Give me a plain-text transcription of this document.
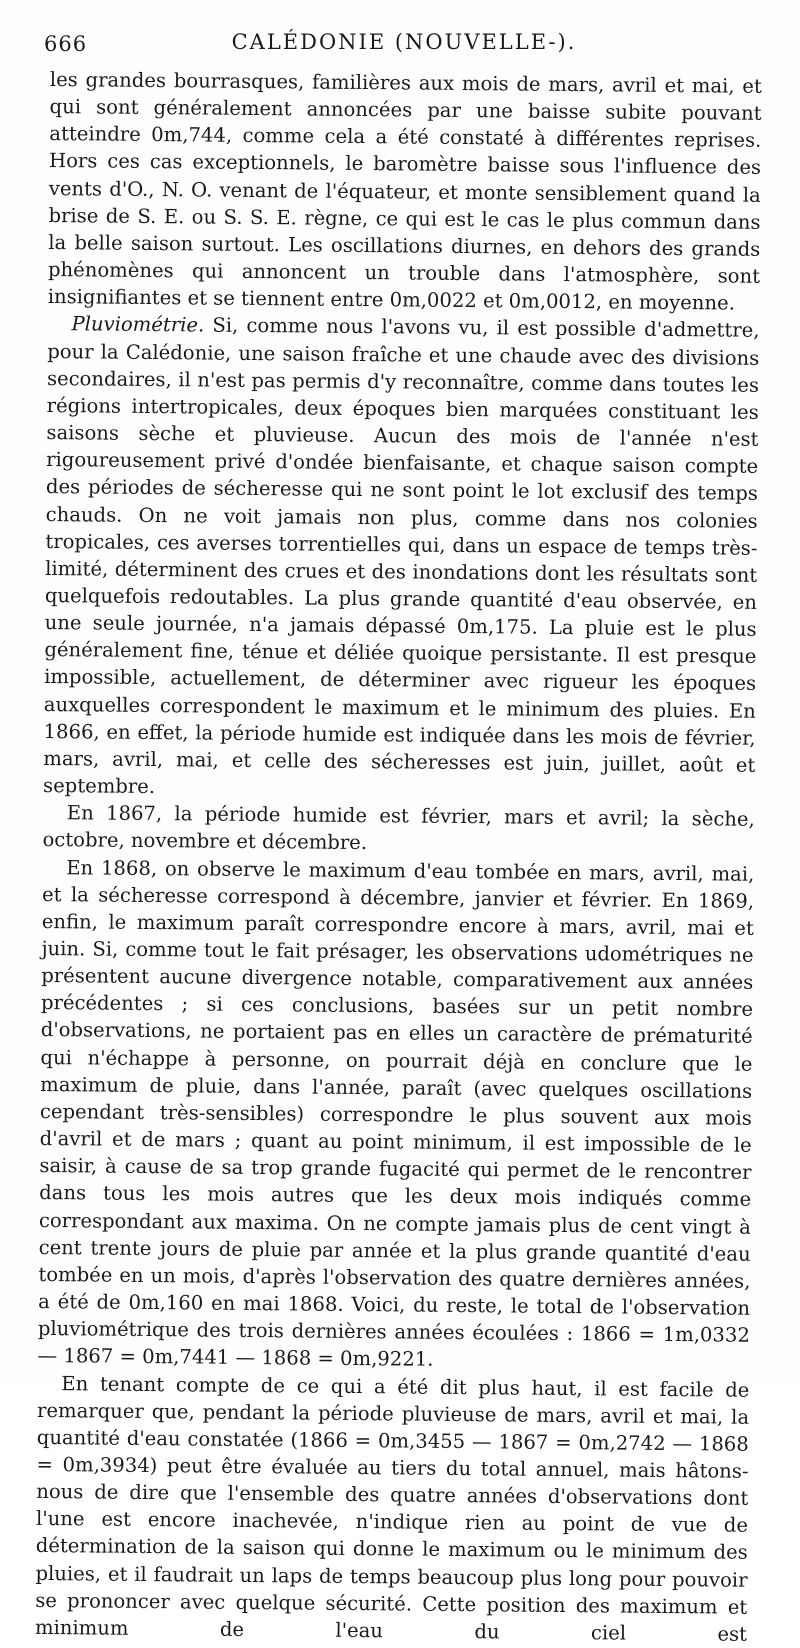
CALÉDONIE (NOUVELLE-).
666

les grandes bourrasques, familières aux mois de mars, avril et mai, et qui sont généralement annoncées par une baisse subite pouvant atteindre 0m,744, comme cela a été constaté à différentes reprises. Hors ces cas exceptionnels, le baromètre baisse sous l'influence des vents d'O., N. O. venant de l'équateur, et monte sensiblement quand la brise de S. E. ou S. S. E. règne, ce qui est le cas le plus commun dans la belle saison surtout. Les oscillations diurnes, en dehors des grands phénomènes qui annoncent un trouble dans l'atmosphère, sont insignifiantes et se tiennent entre 0m,0022 et 0m,0012, en moyenne.

Pluviométrie. Si, comme nous l'avons vu, il est possible d'admettre, pour la Calédonie, une saison fraîche et une chaude avec des divisions secondaires, il n'est pas permis d'y reconnaître, comme dans toutes les régions intertropicales, deux époques bien marquées constituant les saisons sèche et pluvieuse. Aucun des mois de l'année n'est rigoureusement privé d'ondée bienfaisante, et chaque saison compte des périodes de sécheresse qui ne sont point le lot exclusif des temps chauds. On ne voit jamais non plus, comme dans nos colonies tropicales, ces averses torrentielles qui, dans un espace de temps très-limité, déterminent des crues et des inondations dont les résultats sont quelquefois redoutables. La plus grande quantité d'eau observée, en une seule journée, n'a jamais dépassé 0m,175. La pluie est le plus généralement fine, ténue et déliée quoique persistante. Il est presque impossible, actuellement, de déterminer avec rigueur les époques auxquelles correspondent le maximum et le minimum des pluies. En 1866, en effet, la période humide est indiquée dans les mois de février, mars, avril, mai, et celle des sécheresses est juin, juillet, août et septembre.

En 1867, la période humide est février, mars et avril; la sèche, octobre, novembre et décembre.

En 1868, on observe le maximum d'eau tombée en mars, avril, mai, et la sécheresse correspond à décembre, janvier et février. En 1869, enfin, le maximum paraît correspondre encore à mars, avril, mai et juin. Si, comme tout le fait présager, les observations udométriques ne présentent aucune divergence notable, comparativement aux années précédentes ; si ces conclusions, basées sur un petit nombre d'observations, ne portaient pas en elles un caractère de prématurité qui n'échappe à personne, on pourrait déjà en conclure que le maximum de pluie, dans l'année, paraît (avec quelques oscillations cependant très-sensibles) correspondre le plus souvent aux mois d'avril et de mars ; quant au point minimum, il est impossible de le saisir, à cause de sa trop grande fugacité qui permet de le rencontrer dans tous les mois autres que les deux mois indiqués comme correspondant aux maxima. On ne compte jamais plus de cent vingt à cent trente jours de pluie par année et la plus grande quantité d'eau tombée en un mois, d'après l'observation des quatre dernières années, a été de 0m,160 en mai 1868. Voici, du reste, le total de l'observation pluviométrique des trois dernières années écoulées : 1866 = 1m,0332 — 1867 = 0m,7441 — 1868 = 0m,9221.

En tenant compte de ce qui a été dit plus haut, il est facile de remarquer que, pendant la période pluvieuse de mars, avril et mai, la quantité d'eau constatée (1866 = 0m,3455 — 1867 = 0m,2742 — 1868 = 0m,3934) peut être évaluée au tiers du total annuel, mais hâtons-nous de dire que l'ensemble des quatre années d'observations dont l'une est encore inachevée, n'indique rien au point de vue de détermination de la saison qui donne le maximum ou le minimum des pluies, et il faudrait un laps de temps beaucoup plus long pour pouvoir se prononcer avec quelque sécurité. Cette position des maximum et minimum de l'eau du ciel est
